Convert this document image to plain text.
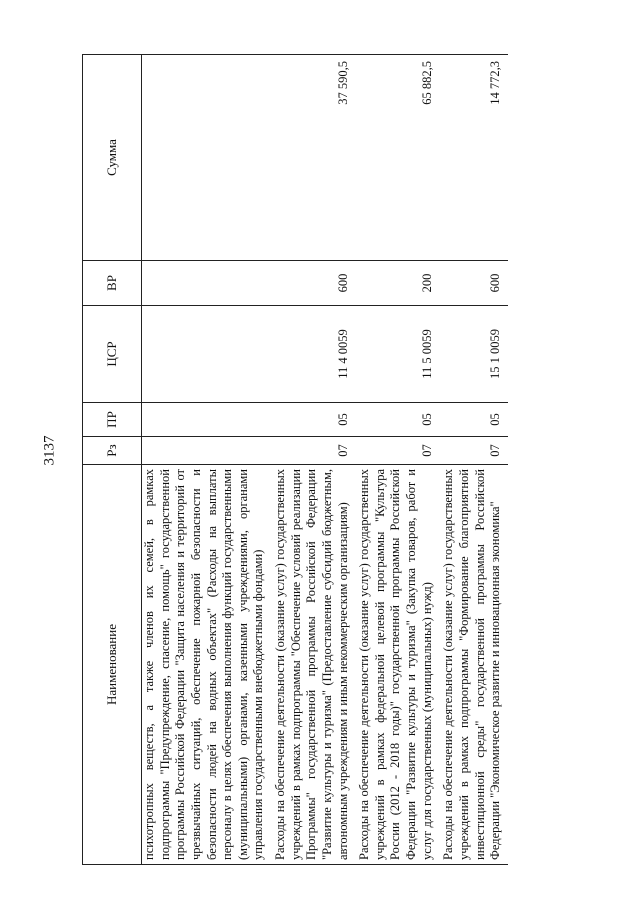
3137
Наименование	Рз	ПР	ЦСР	ВР	Сумма
психотропных веществ, а также членов их семей, в рамках подпрограммы "Предупреждение, спасение, помощь" государственной программы Российской Федерации "Защита населения и территорий от чрезвычайных ситуаций, обеспечение пожарной безопасности и безопасности людей на водных объектах" (Расходы на выплаты персоналу в целях обеспечения выполнения функций государственными (муниципальными) органами, казенными учреждениями, органами управления государственными внебюджетными фондами)					
Расходы на обеспечение деятельности (оказание услуг) государственных учреждений в рамках подпрограммы "Обеспечение условий реализации Программы" государственной программы Российской Федерации "Развитие культуры и туризма" (Предоставление субсидий бюджетным, автономным учреждениям и иным некоммерческим организациям)	07	05	11 4 0059	600	37 590,5
Расходы на обеспечение деятельности (оказание услуг) государственных учреждений в рамках федеральной целевой программы "Культура России (2012 - 2018 годы)" государственной программы Российской Федерации "Развитие культуры и туризма" (Закупка товаров, работ и услуг для государственных (муниципальных) нужд)	07	05	11 5 0059	200	65 882,5
Расходы на обеспечение деятельности (оказание услуг) государственных учреждений в рамках подпрограммы "Формирование благоприятной инвестиционной среды" государственной программы Российской Федерации "Экономическое развитие и инновационная экономика"	07	05	15 1 0059	600	14 772,3
